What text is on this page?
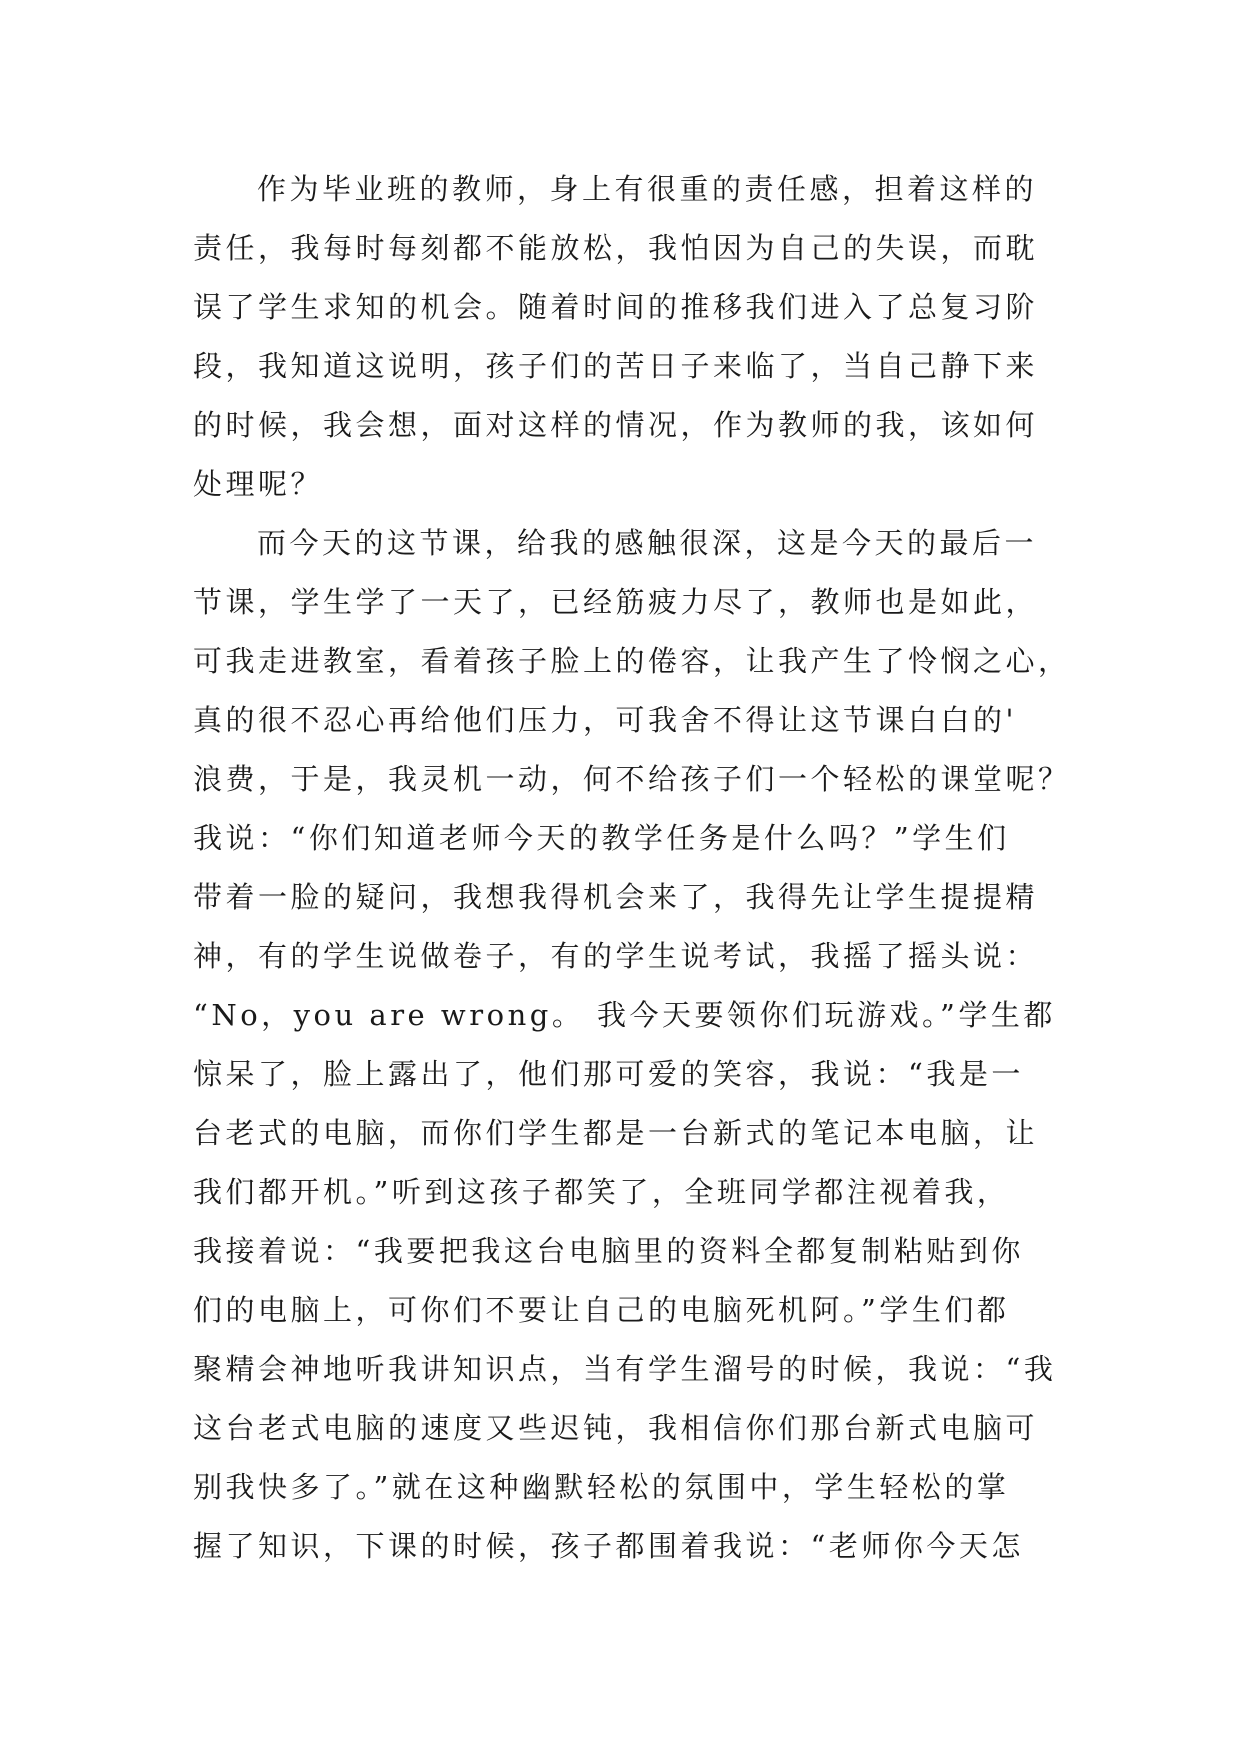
作为毕业班的教师，身上有很重的责任感，担着这样的
责任，我每时每刻都不能放松，我怕因为自己的失误，而耽
误了学生求知的机会。随着时间的推移我们进入了总复习阶
段，我知道这说明，孩子们的苦日子来临了，当自己静下来
的时候，我会想，面对这样的情况，作为教师的我，该如何
处理呢？
而今天的这节课，给我的感触很深，这是今天的最后一
节课，学生学了一天了，已经筋疲力尽了，教师也是如此，
可我走进教室，看着孩子脸上的倦容，让我产生了怜悯之心，
真的很不忍心再给他们压力，可我舍不得让这节课白白的'
浪费，于是，我灵机一动，何不给孩子们一个轻松的课堂呢？
我说：“你们知道老师今天的教学任务是什么吗？”学生们
带着一脸的疑问，我想我得机会来了，我得先让学生提提精
神，有的学生说做卷子，有的学生说考试，我摇了摇头说：
“No，you are wrong。 我今天要领你们玩游戏。”学生都
惊呆了，脸上露出了，他们那可爱的笑容，我说：“我是一
台老式的电脑，而你们学生都是一台新式的笔记本电脑，让
我们都开机。”听到这孩子都笑了，全班同学都注视着我，
我接着说：“我要把我这台电脑里的资料全都复制粘贴到你
们的电脑上，可你们不要让自己的电脑死机阿。”学生们都
聚精会神地听我讲知识点，当有学生溜号的时候，我说：“我
这台老式电脑的速度又些迟钝，我相信你们那台新式电脑可
别我快多了。”就在这种幽默轻松的氛围中，学生轻松的掌
握了知识，下课的时候，孩子都围着我说：“老师你今天怎
